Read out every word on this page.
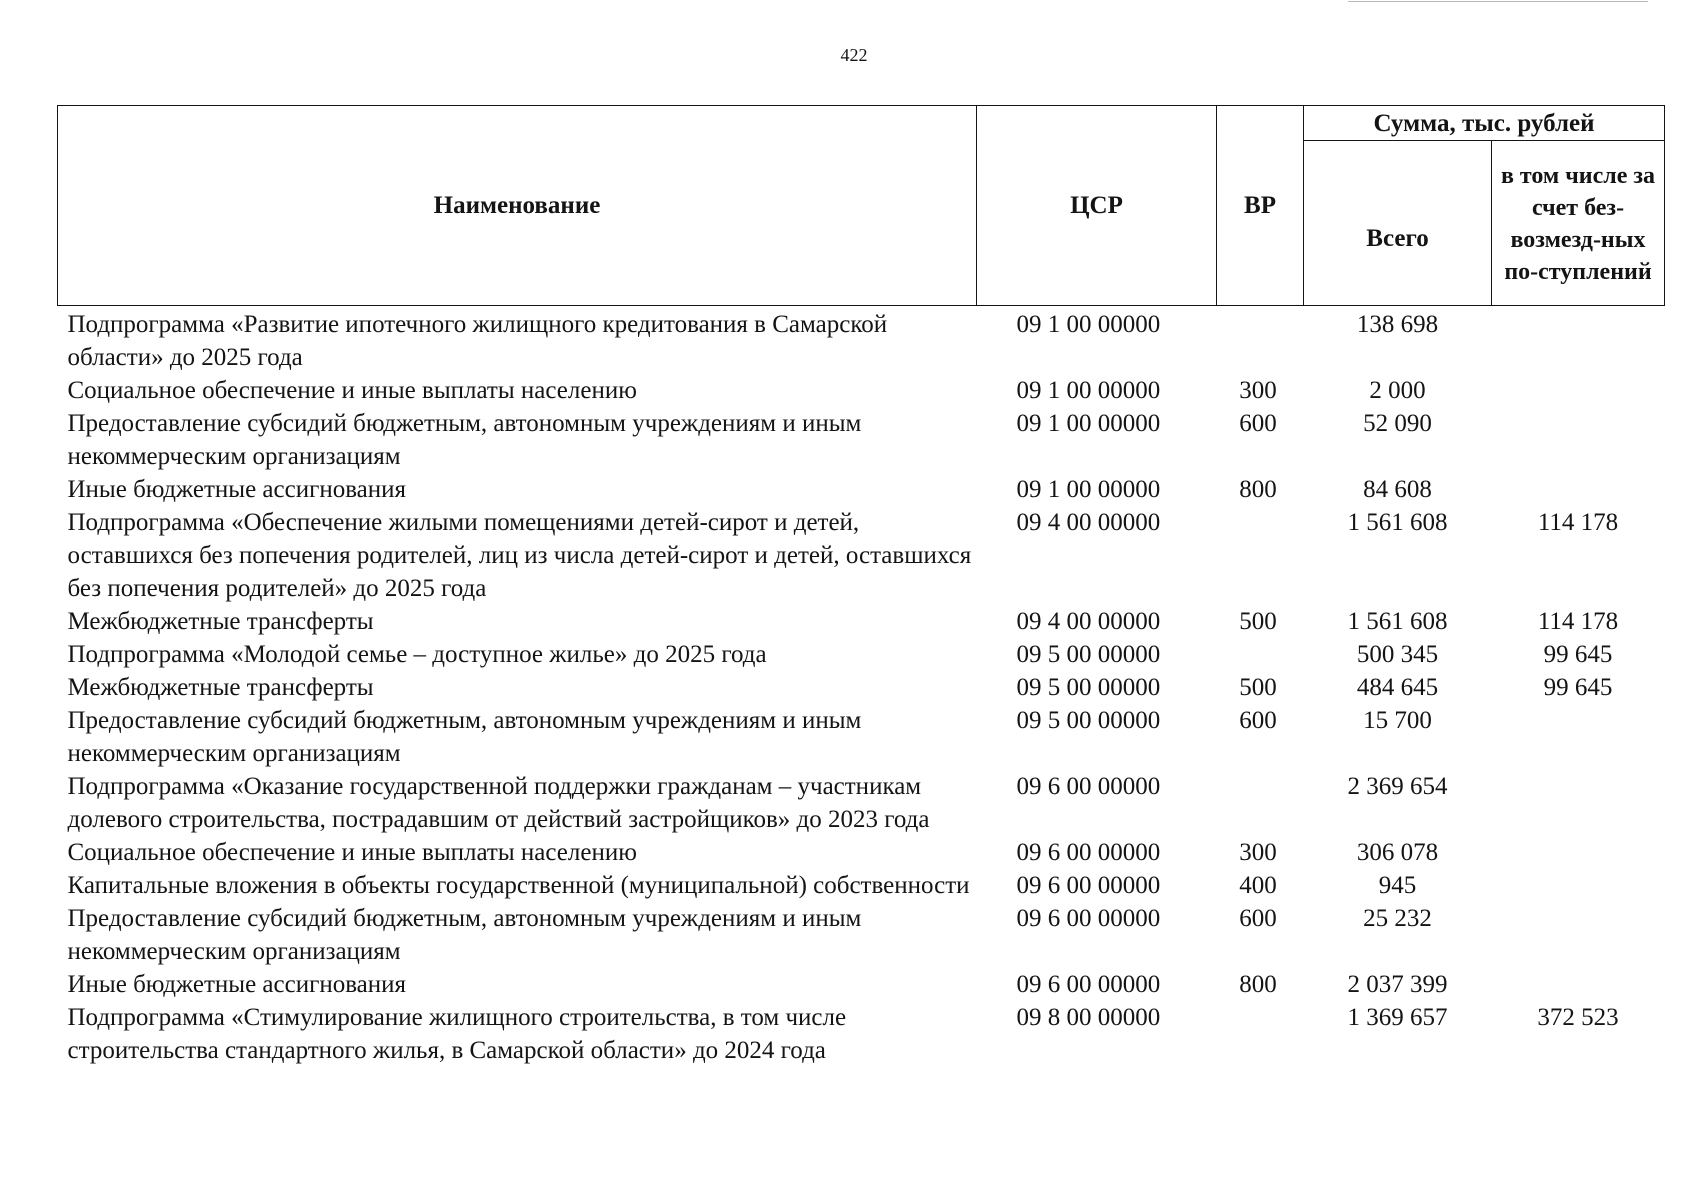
422
Наименование	ЦСР	ВР	Сумма, тыс. рублей	
			Всего	в том числе за счет без-возмезд-ных по-ступлений
Подпрограмма «Развитие ипотечного жилищного кредитования в Самарской области» до 2025 года	09 1 00 00000		138 698	
Социальное обеспечение и иные выплаты населению	09 1 00 00000	300	2 000	
Предоставление субсидий бюджетным, автономным учреждениям и иным некоммерческим организациям	09 1 00 00000	600	52 090	
Иные бюджетные ассигнования	09 1 00 00000	800	84 608	
Подпрограмма «Обеспечение жилыми помещениями детей-сирот и детей, оставшихся без попечения родителей, лиц из числа детей-сирот и детей, оставшихся без попечения родителей» до 2025 года	09 4 00 00000		1 561 608	114 178
Межбюджетные трансферты	09 4 00 00000	500	1 561 608	114 178
Подпрограмма «Молодой семье – доступное жилье» до 2025 года	09 5 00 00000		500 345	99 645
Межбюджетные трансферты	09 5 00 00000	500	484 645	99 645
Предоставление субсидий бюджетным, автономным учреждениям и иным некоммерческим организациям	09 5 00 00000	600	15 700	
Подпрограмма «Оказание государственной поддержки гражданам – участникам долевого строительства, пострадавшим от действий застройщиков» до 2023 года	09 6 00 00000		2 369 654	
Социальное обеспечение и иные выплаты населению	09 6 00 00000	300	306 078	
Капитальные вложения в объекты государственной (муниципальной) собственности	09 6 00 00000	400	945	
Предоставление субсидий бюджетным, автономным учреждениям и иным некоммерческим организациям	09 6 00 00000	600	25 232	
Иные бюджетные ассигнования	09 6 00 00000	800	2 037 399	
Подпрограмма «Стимулирование жилищного строительства, в том числе строительства стандартного жилья, в Самарской области» до 2024 года	09 8 00 00000		1 369 657	372 523
